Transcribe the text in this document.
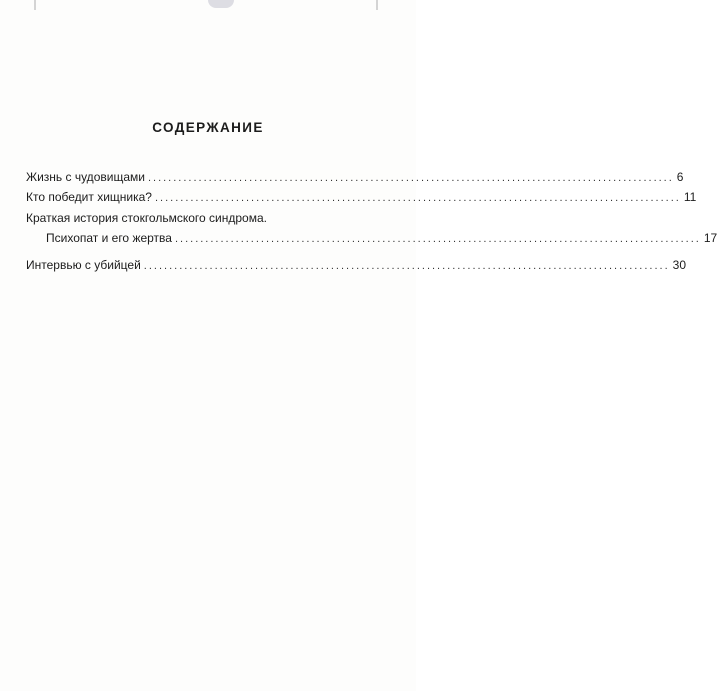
СОДЕРЖАНИЕ
Жизнь с чудовищами ........................................................................................................ 6
Кто победит хищника? ........................................................................................................ 11
Краткая история стокгольмского синдрома.
Психопат и его жертва ........................................................................................................ 17
Интервью с убийцей ........................................................................................................ 30
